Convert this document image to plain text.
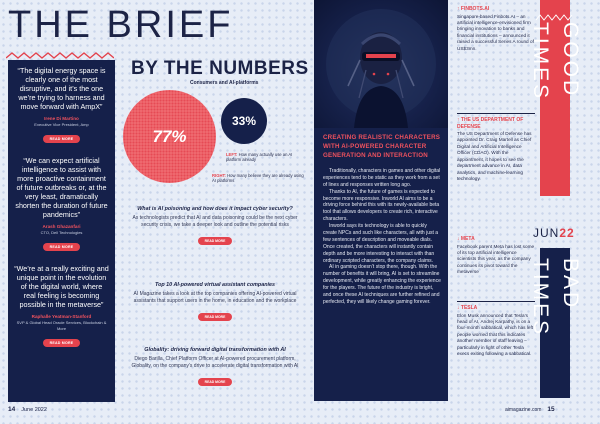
THE BRIEF
“The digital energy space is clearly one of the most disruptive, and it’s the one we’re trying to harness and move forward with AmpX”
Irene Di Martino
Executive Vice President, Amp
READ MORE
“We can expect artificial intelligence to assist with more proactive containment of future outbreaks or, at the very least, dramatically shorten the duration of future pandemics”
Arash Ghazanfari
CTO, Dell Technologies
READ MORE
“We’re at a really exciting and unique point in the evolution of the digital world, where real feeling is becoming possible in the metaverse”
Raphalle Yeatman-Stanford
SVP & Global Head Oracle Services, Blockchain & More
READ MORE
BY THE NUMBERS
Consumers and AI-platforms
77%
33%
LEFT: How many actually use an AI platform already
RIGHT: How many believe they are already using AI platforms
What is AI poisoning and how does it impact cyber security?
As technologists predict that AI and data poisoning could be the next cyber security crisis, we take a deeper look and outline the potential risks
READ MORE
Top 10 AI-powered virtual assistant companies
AI Magazine takes a look at the top companies offering AI-powered virtual assistants that support users in the home, in education and the workplace
READ MORE
Globality: driving forward digital transformation with AI
Diego Barilla, Chief Platform Officer at AI-powered procurement platform, Globality, on the company’s drive to accelerate digital transformation with AI
READ MORE
CREATING REALISTIC CHARACTERS WITH AI-POWERED CHARACTER GENERATION AND INTERACTION

Traditionally, characters in games and other digital experiences tend to be static as they work from a set of lines and responses written long ago.

Thanks to AI, the future of games is expected to become more responsive. Inworld AI aims to be a driving force behind this with its newly-available beta tool that allows developers to create rich, interactive characters.

Inworld says its technology is able to quickly create NPCs and such like characters, all with just a few sentences of description and moveable dials. Once created, the characters will instantly contain depth and be more interesting to interact with than ordinary scripted characters, the company claims.

AI in gaming doesn’t stop there, though. With the number of benefits it will bring, AI is set to streamline development, while greatly enhancing the experience for the players. The future of the industry is bright, and once these AI techniques are further refined and perfected, they will likely change gaming forever.

↑ FINBOTS.AI
Singapore-based Finbots.AI – an artificial intelligence-envisioned firm bringing innovation to banks and financial institutions – announced it raised a successful Series A round of US$3mn.
↑ THE US DEPARTMENT OF DEFENSE
The US Department of Defense has appointed Dr. Craig Martell as Chief Digital and Artificial Intelligence Officer (CDAO). With the appointment, it hopes to see the department advance in AI, data analytics, and machine-learning technology.
↓ META
Facebook parent Meta has lost some of its top artificial intelligence scientists this year, as the company continues its pivot toward the metaverse
↓ TESLA
Elon Musk announced that Tesla’s head of AI, Andrej Karpathy, is on a four-month sabbatical, which has left people worried that this indicates another member of staff leaving – particularly in light of other Tesla execs exiting following a sabbatical.
GOOD TIMES
JUN22
BAD TIMES
14 June 2022	aimagazine.com 15
